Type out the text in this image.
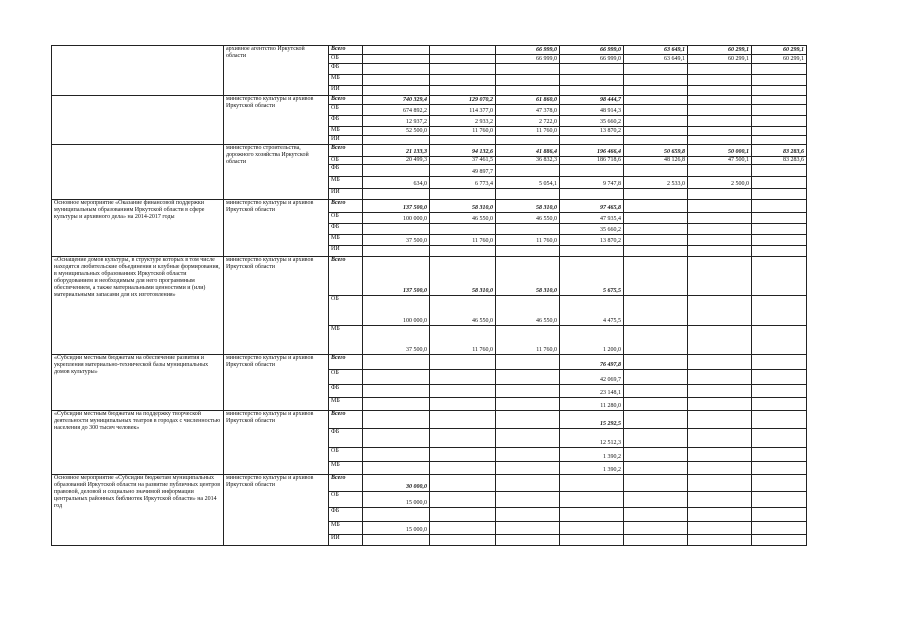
	архивное агентство Иркутской области	Всего			66 999,0	66 999,0	63 649,1	60 299,1	60 299,1
		ОБ			66 999,0	66 999,0	63 649,1	60 299,1	60 299,1
		ФБ							
		МБ							
		ИИ							
	министерство культуры и архивов Иркутской области	Всего	740 329,4	129 070,2	61 860,0	98 444,7			
		ОБ	674 892,2	114 377,0	47 378,0	48 914,3			
		ФБ	12 937,2	2 933,2	2 722,0	35 660,2			
		МБ	52 500,0	11 760,0	11 760,0	13 870,2			
		ИИ							
	министерство строительства, дорожного хозяйства Иркутской области	Всего	21 133,3	94 132,6	41 886,4	196 466,4	50 659,8	50 000,1	83 283,6
		ОБ	20 499,3	37 461,5	36 832,3	186 718,6	48 126,8	47 500,1	83 283,6
		ФБ		49 897,7					
		МБ	634,0	6 773,4	5 054,1	9 747,8	2 533,0	2 500,0	
		ИИ							
Основное мероприятие «Оказание финансовой поддержки муниципальным образованиям Иркутской области в сфере культуры и архивного дела» на 2014-2017 годы	министерство культуры и архивов Иркутской области	Всего	137 500,0	58 310,0	58 310,0	97 465,8			
		ОБ	100 000,0	46 550,0	46 550,0	47 935,4			
		ФБ				35 660,2			
		МБ	37 500,0	11 760,0	11 760,0	13 870,2			
		ИИ							
«Оснащение домов культуры, в структуре которых в том числе находятся любительские объединения и клубные формирования, в муниципальных образованиях Иркутской области оборудованием и необходимым для него программным обеспечением, а также материальными ценностями и (или) материальными запасами для их изготовления»	министерство культуры и архивов Иркутской области	Всего	137 500,0	58 310,0	58 310,0	5 675,5			
		ОБ	100 000,0	46 550,0	46 550,0	4 475,5			
		МБ	37 500,0	11 760,0	11 760,0	1 200,0			
«Субсидии местным бюджетам на обеспечение развития и укрепления материально-технической базы муниципальных домов культуры»	министерство культуры и архивов Иркутской области	Всего				76 497,8			
		ОБ				42 069,7			
		ФБ				23 148,1			
		МБ				11 280,0			
«Субсидии местным бюджетам на поддержку творческой деятельности муниципальных театров в городах с численностью населения до 300 тысяч человек»	министерство культуры и архивов Иркутской области	Всего				15 292,5			
		ФБ				12 512,3			
		ОБ				1 390,2			
		МБ				1 390,2			
Основное мероприятие «Субсидии бюджетам муниципальных образований Иркутской области на развитие публичных центров правовой, деловой и социально значимой информации центральных районных библиотек Иркутской области» на 2014 год	министерство культуры и архивов Иркутской области	Всего	30 000,0						
		ОБ	15 000,0						
		ФБ							
		МБ	15 000,0						
		ИИ							
